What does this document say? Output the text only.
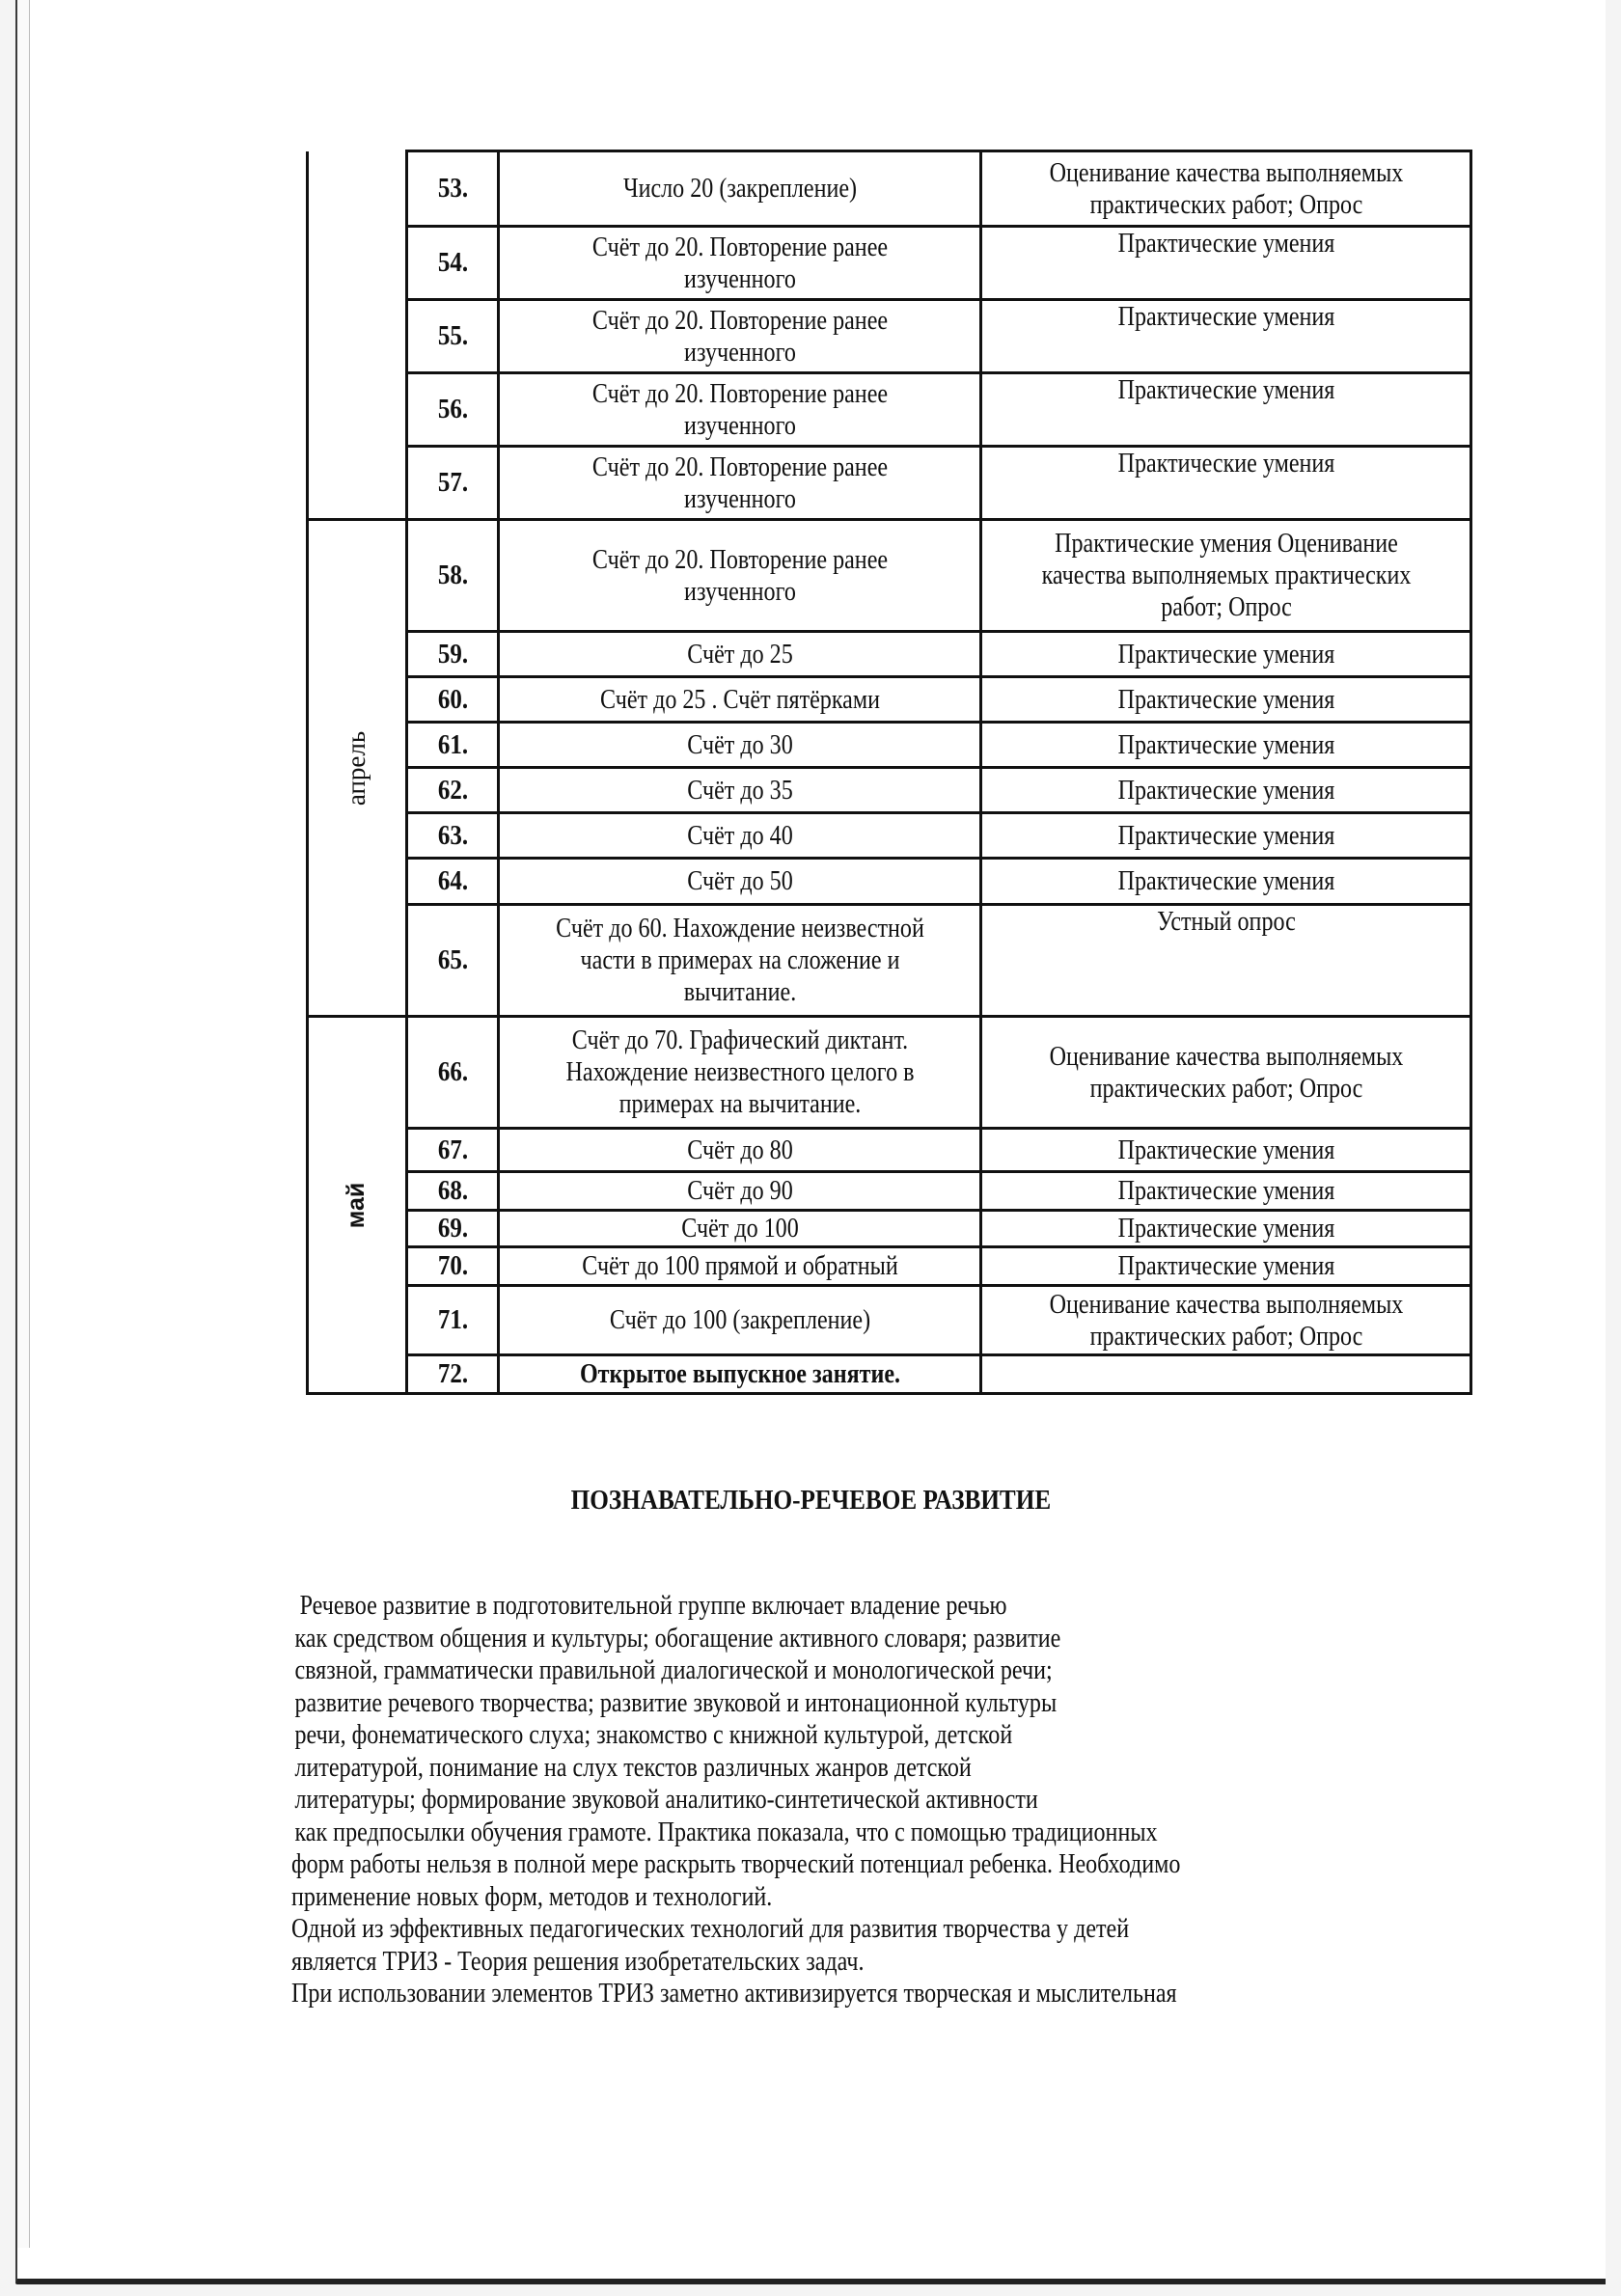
	53.	Число 20 (закрепление)	Оценивание качества выполняемых практических работ; Опрос
	54.	Счёт до 20. Повторение ранее изученного	Практические умения
	55.	Счёт до 20. Повторение ранее изученного	Практические умения
	56.	Счёт до 20. Повторение ранее изученного	Практические умения
	57.	Счёт до 20. Повторение ранее изученного	Практические умения
апрель	58.	Счёт до 20. Повторение ранее изученного	Практические умения Оценивание качества выполняемых практических работ; Опрос
	59.	Счёт до 25	Практические умения
	60.	Счёт до 25 . Счёт пятёрками	Практические умения
	61.	Счёт до 30	Практические умения
	62.	Счёт до 35	Практические умения
	63.	Счёт до 40	Практические умения
	64.	Счёт до 50	Практические умения
	65.	Счёт до 60. Нахождение неизвестной части в примерах на сложение и вычитание.	Устный опрос
май	66.	Счёт до 70. Графический диктант. Нахождение неизвестного целого в примерах на вычитание.	Оценивание качества выполняемых практических работ; Опрос
	67.	Счёт до 80	Практические умения
	68.	Счёт до 90	Практические умения
	69.	Счёт до 100	Практические умения
	70.	Счёт до 100 прямой и обратный	Практические умения
	71.	Счёт до 100 (закрепление)	Оценивание качества выполняемых практических работ; Опрос
	72.	Открытое выпускное занятие.	
ПОЗНАВАТЕЛЬНО-РЕЧЕВОЕ РАЗВИТИЕ
Речевое развитие в подготовительной группе включает владение речью
как средством общения и культуры; обогащение активного словаря; развитие
связной, грамматически правильной диалогической и монологической речи;
развитие речевого творчества; развитие звуковой и интонационной культуры
речи, фонематического слуха; знакомство с книжной культурой, детской
литературой, понимание на слух текстов различных жанров детской
литературы; формирование звуковой аналитико-синтетической активности
как предпосылки обучения грамоте. Практика показала, что с помощью традиционных
форм работы нельзя в полной мере раскрыть творческий потенциал ребенка. Необходимо
применение новых форм, методов и технологий.
Одной из эффективных педагогических технологий для развития творчества у детей
является ТРИЗ - Теория решения изобретательских задач.
При использовании элементов ТРИЗ заметно активизируется творческая и мыслительная
